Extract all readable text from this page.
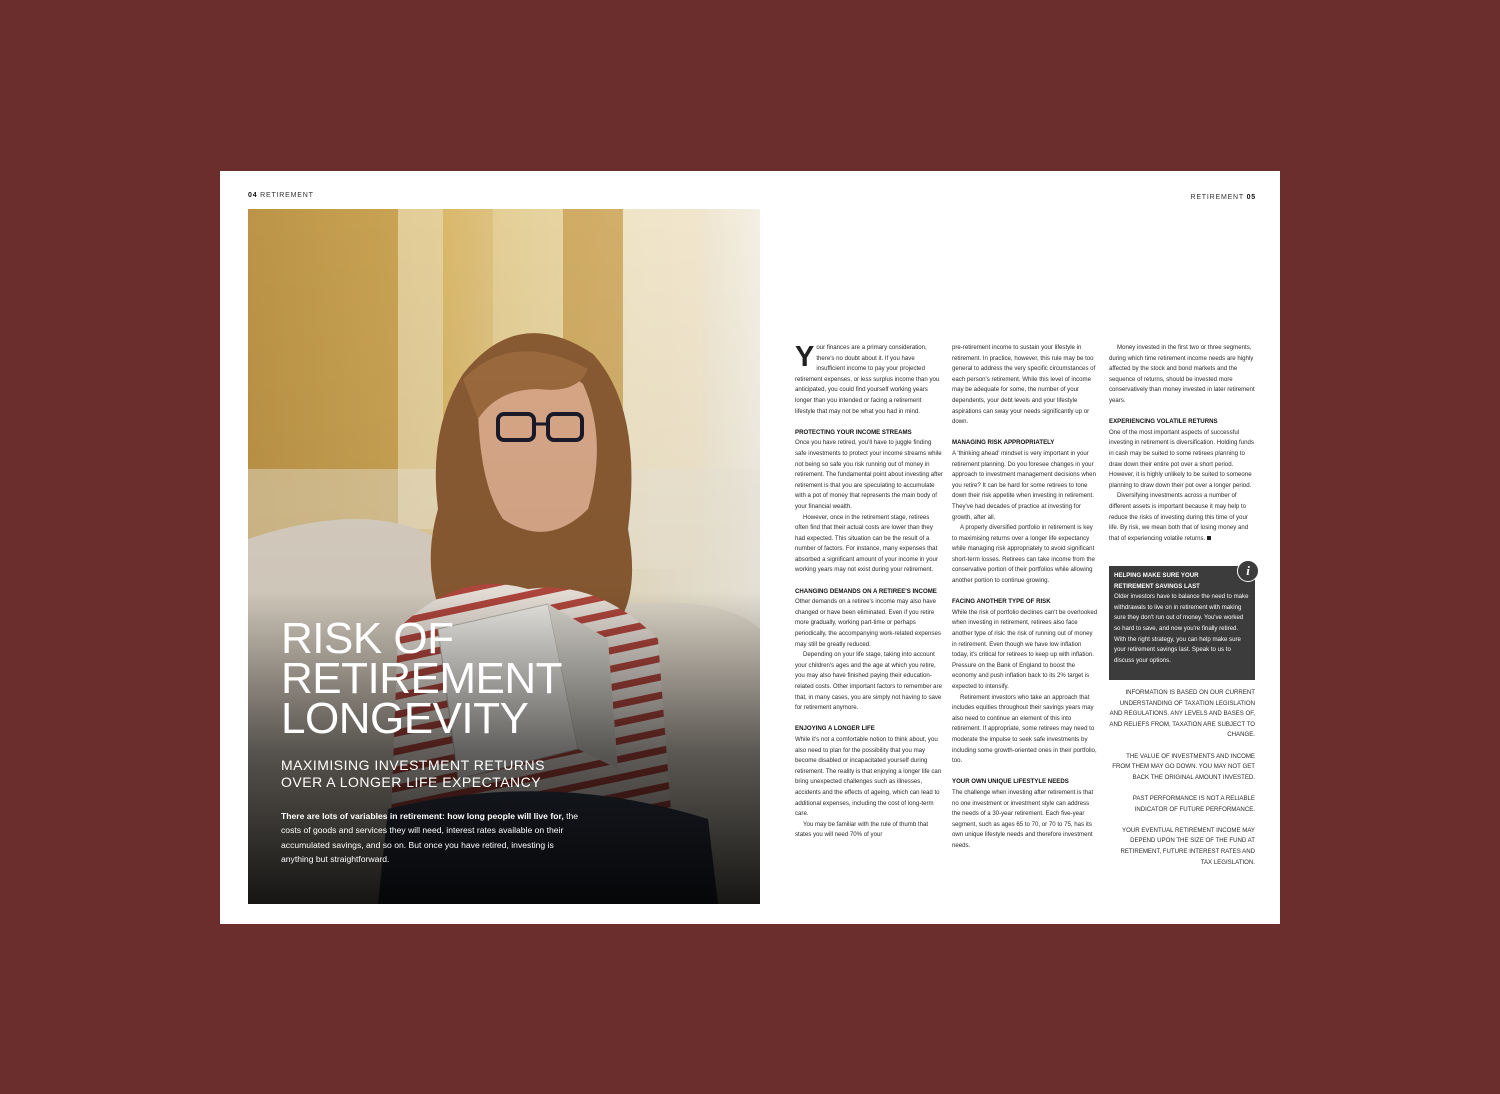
04 RETIREMENT	RETIREMENT 05
RISK OF
RETIREMENT
LONGEVITY
MAXIMISING INVESTMENT RETURNS
OVER A LONGER LIFE EXPECTANCY

There are lots of variables in retirement: how long people will live for, the costs of goods and services they will need, interest rates available on their accumulated savings, and so on. But once you have retired, investing is anything but straightforward.

Your finances are a primary consideration, there's no doubt about it. If you have insufficient income to pay your projected retirement expenses, or less surplus income than you anticipated, you could find yourself working years longer than you intended or facing a retirement lifestyle that may not be what you had in mind.

PROTECTING YOUR INCOME STREAMS

Once you have retired, you'll have to juggle finding safe investments to protect your income streams while not being so safe you risk running out of money in retirement. The fundamental point about investing after retirement is that you are speculating to accumulate with a pot of money that represents the main body of your financial wealth.

However, once in the retirement stage, retirees often find that their actual costs are lower than they had expected. This situation can be the result of a number of factors. For instance, many expenses that absorbed a significant amount of your income in your working years may not exist during your retirement.

CHANGING DEMANDS ON A RETIREE'S INCOME

Other demands on a retiree's income may also have changed or have been eliminated. Even if you retire more gradually, working part-time or perhaps periodically, the accompanying work-related expenses may still be greatly reduced.

Depending on your life stage, taking into account your children's ages and the age at which you retire, you may also have finished paying their education-related costs. Other important factors to remember are that, in many cases, you are simply not having to save for retirement anymore.

ENJOYING A LONGER LIFE

While it's not a comfortable notion to think about, you also need to plan for the possibility that you may become disabled or incapacitated yourself during retirement. The reality is that enjoying a longer life can bring unexpected challenges such as illnesses, accidents and the effects of ageing, which can lead to additional expenses, including the cost of long-term care.

You may be familiar with the rule of thumb that states you will need 70% of your

pre-retirement income to sustain your lifestyle in retirement. In practice, however, this rule may be too general to address the very specific circumstances of each person's retirement. While this level of income may be adequate for some, the number of your dependents, your debt levels and your lifestyle aspirations can sway your needs significantly up or down.

MANAGING RISK APPROPRIATELY

A 'thinking ahead' mindset is very important in your retirement planning. Do you foresee changes in your approach to investment management decisions when you retire? It can be hard for some retirees to tone down their risk appetite when investing in retirement. They've had decades of practice at investing for growth, after all.

A properly diversified portfolio in retirement is key to maximising returns over a longer life expectancy while managing risk appropriately to avoid significant short-term losses. Retirees can take income from the conservative portion of their portfolios while allowing another portion to continue growing.

FACING ANOTHER TYPE OF RISK

While the risk of portfolio declines can't be overlooked when investing in retirement, retirees also face another type of risk: the risk of running out of money in retirement. Even though we have low inflation today, it's critical for retirees to keep up with inflation. Pressure on the Bank of England to boost the economy and push inflation back to its 2% target is expected to intensify.

Retirement investors who take an approach that includes equities throughout their savings years may also need to continue an element of this into retirement. If appropriate, some retirees may need to moderate the impulse to seek safe investments by including some growth-oriented ones in their portfolio, too.

YOUR OWN UNIQUE LIFESTYLE NEEDS

The challenge when investing after retirement is that no one investment or investment style can address the needs of a 30-year retirement. Each five-year segment, such as ages 65 to 70, or 70 to 75, has its own unique lifestyle needs and therefore investment needs.

Money invested in the first two or three segments, during which time retirement income needs are highly affected by the stock and bond markets and the sequence of returns, should be invested more conservatively than money invested in later retirement years.

EXPERIENCING VOLATILE RETURNS

One of the most important aspects of successful investing in retirement is diversification. Holding funds in cash may be suited to some retirees planning to draw down their entire pot over a short period. However, it is highly unlikely to be suited to someone planning to draw down their pot over a longer period.

Diversifying investments across a number of different assets is important because it may help to reduce the risks of investing during this time of your life. By risk, we mean both that of losing money and that of experiencing volatile returns.

HELPING MAKE SURE YOUR
RETIREMENT SAVINGS LAST

Older investors have to balance the need to make withdrawals to live on in retirement with making sure they don't run out of money. You've worked so hard to save, and now you're finally retired. With the right strategy, you can help make sure your retirement savings last. Speak to us to discuss your options.

i

INFORMATION IS BASED ON OUR CURRENT UNDERSTANDING OF TAXATION LEGISLATION AND REGULATIONS. ANY LEVELS AND BASES OF, AND RELIEFS FROM, TAXATION ARE SUBJECT TO CHANGE.

THE VALUE OF INVESTMENTS AND INCOME FROM THEM MAY GO DOWN. YOU MAY NOT GET BACK THE ORIGINAL AMOUNT INVESTED.

PAST PERFORMANCE IS NOT A RELIABLE INDICATOR OF FUTURE PERFORMANCE.

YOUR EVENTUAL RETIREMENT INCOME MAY DEPEND UPON THE SIZE OF THE FUND AT RETIREMENT, FUTURE INTEREST RATES AND TAX LEGISLATION.
